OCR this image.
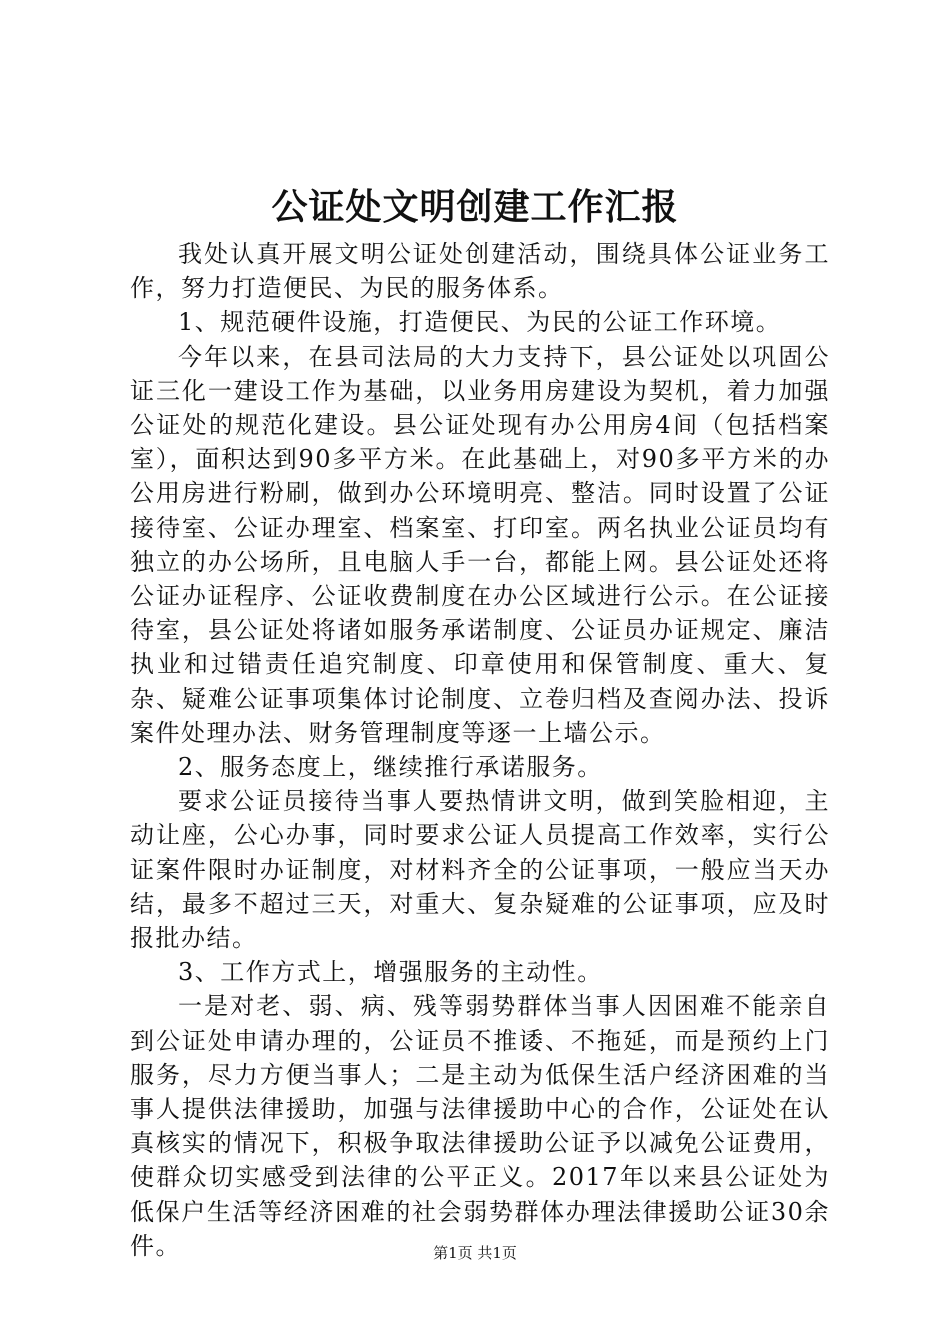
公证处文明创建工作汇报

我处认真开展文明公证处创建活动，围绕具体公证业务工作，努力打造便民、为民的服务体系。

1、规范硬件设施，打造便民、为民的公证工作环境。

今年以来，在县司法局的大力支持下，县公证处以巩固公证三化一建设工作为基础，以业务用房建设为契机，着力加强公证处的规范化建设。县公证处现有办公用房4间（包括档案室），面积达到90多平方米。在此基础上，对90多平方米的办公用房进行粉刷，做到办公环境明亮、整洁。同时设置了公证接待室、公证办理室、档案室、打印室。两名执业公证员均有独立的办公场所，且电脑人手一台，都能上网。县公证处还将公证办证程序、公证收费制度在办公区域进行公示。在公证接待室，县公证处将诸如服务承诺制度、公证员办证规定、廉洁执业和过错责任追究制度、印章使用和保管制度、重大、复杂、疑难公证事项集体讨论制度、立卷归档及查阅办法、投诉案件处理办法、财务管理制度等逐一上墙公示。

2、服务态度上，继续推行承诺服务。

要求公证员接待当事人要热情讲文明，做到笑脸相迎，主动让座，公心办事，同时要求公证人员提高工作效率，实行公证案件限时办证制度，对材料齐全的公证事项，一般应当天办结，最多不超过三天，对重大、复杂疑难的公证事项，应及时报批办结。

3、工作方式上，增强服务的主动性。

一是对老、弱、病、残等弱势群体当事人因困难不能亲自到公证处申请办理的，公证员不推诿、不拖延，而是预约上门服务，尽力方便当事人；二是主动为低保生活户经济困难的当事人提供法律援助，加强与法律援助中心的合作，公证处在认真核实的情况下，积极争取法律援助公证予以减免公证费用，使群众切实感受到法律的公平正义。2017年以来县公证处为低保户生活等经济困难的社会弱势群体办理法律援助公证30余件。	第1页 共1页
